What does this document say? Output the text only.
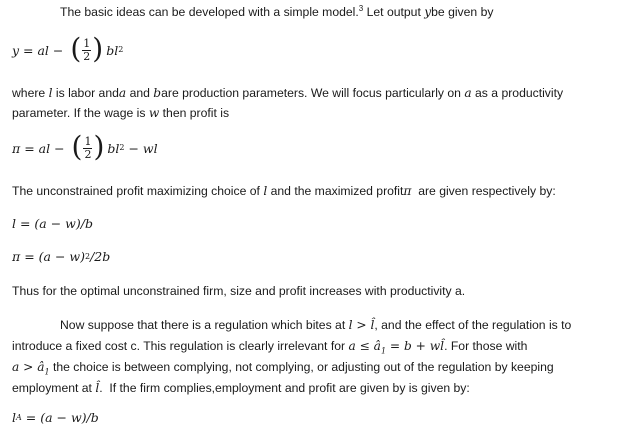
The basic ideas can be developed with a simple model.$^3$ Let output ybe given by
y = al − ( $\frac{1}{2}$ ) bl 2
where l is labor anda and bare production parameters. We will focus particularly on a as a productivity
parameter. If the wage is w then profit is
π = al − ( $\frac{1}{2}$ ) bl 2 − wl
The unconstrained profit maximizing choice of l and the maximized profitπ  are given respectively by:
l = (a − w)/b
π = (a − w) 2 /2b
Thus for the optimal unconstrained firm, size and profit increases with productivity a.
Now suppose that there is a regulation which bites at l > l̂, and the effect of the regulation is to
introduce a fixed cost c. This regulation is clearly irrelevant for $a \le â_1 = b$ + wl̂. For those with
$a > â_1$ the choice is between complying, not complying, or adjusting out of the regulation by keeping
employment at l̂.  If the firm complies,employment and profit are given by is given by:
l A = (a − w)/b
